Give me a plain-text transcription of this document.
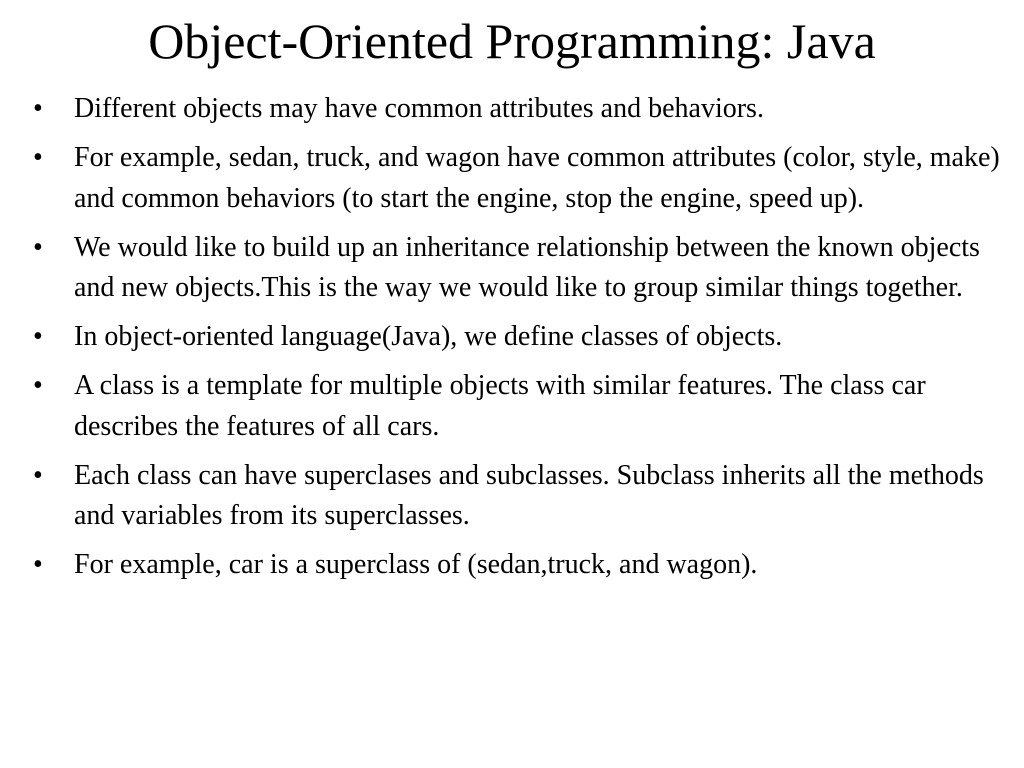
Object-Oriented Programming: Java
•
Different objects may have common attributes and behaviors.
•
For example, sedan, truck, and wagon have common attributes (color, style, make) and common behaviors (to start the engine, stop the engine, speed up).
•
We would like to build up an inheritance relationship between the known objects and new objects.This is the way we would like to group similar things together.
•
In object-oriented language(Java), we define classes of objects.
•
A class is a template for multiple objects with similar features. The class car describes the features of all cars.
•
Each class can have superclases and subclasses. Subclass inherits all the methods and variables from its superclasses.
•
For example, car is a superclass of (sedan,truck, and wagon).
